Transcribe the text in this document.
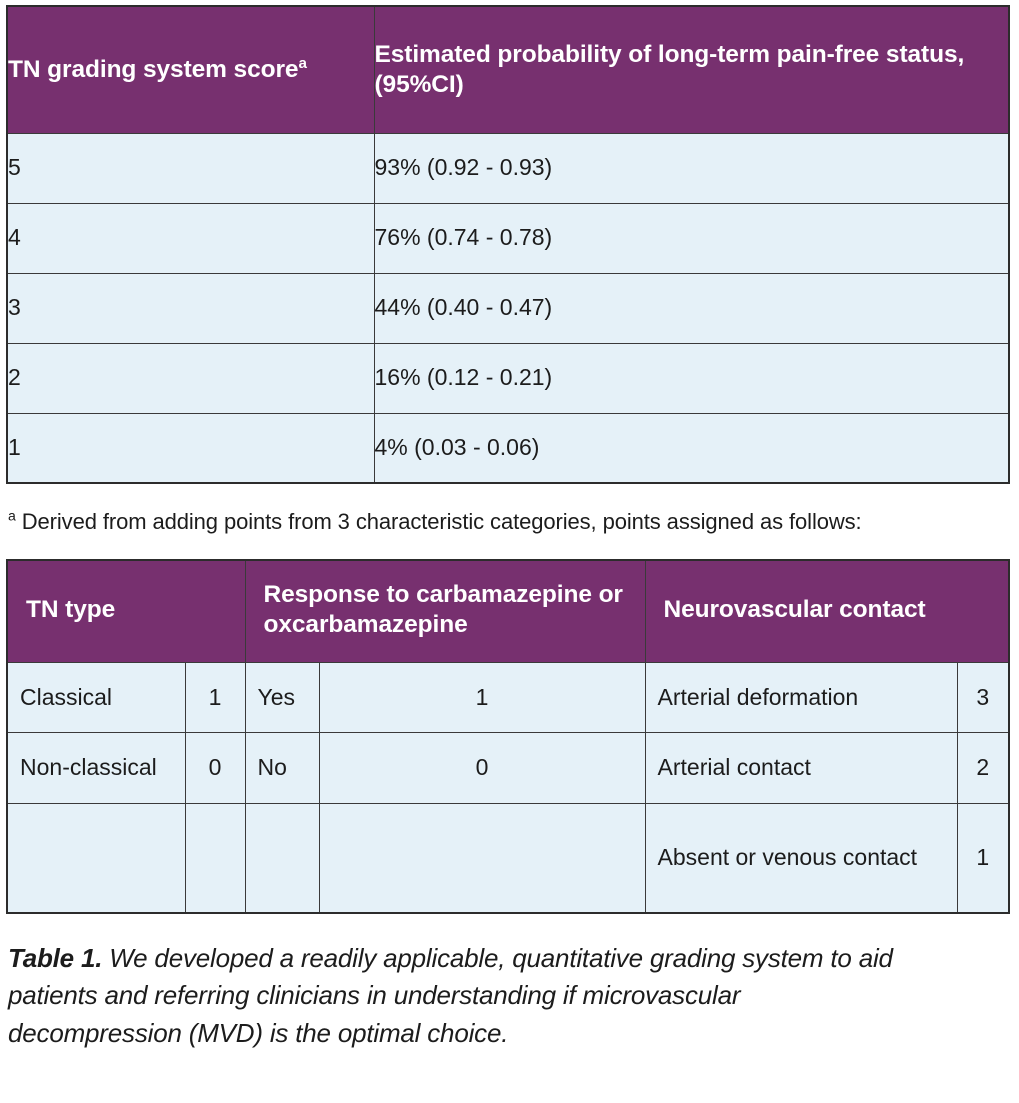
TN grading system score$^a$	Estimated probability of long-term pain-free status, (95%CI)
5	93% (0.92 - 0.93)
4	76% (0.74 - 0.78)
3	44% (0.40 - 0.47)
2	16% (0.12 - 0.21)
1	4% (0.03 - 0.06)

$^a$ Derived from adding points from 3 characteristic categories, points assigned as follows:

TN type		Response to carbamazepine or oxcarbamazepine		Neurovascular contact	
Classical	1	Yes	1	Arterial deformation	3
Non-classical	0	No	0	Arterial contact	2
				Absent or venous contact	1

Table 1. We developed a readily applicable, quantitative grading system to aid patients and referring clinicians in understanding if microvascular decompression (MVD) is the optimal choice.
